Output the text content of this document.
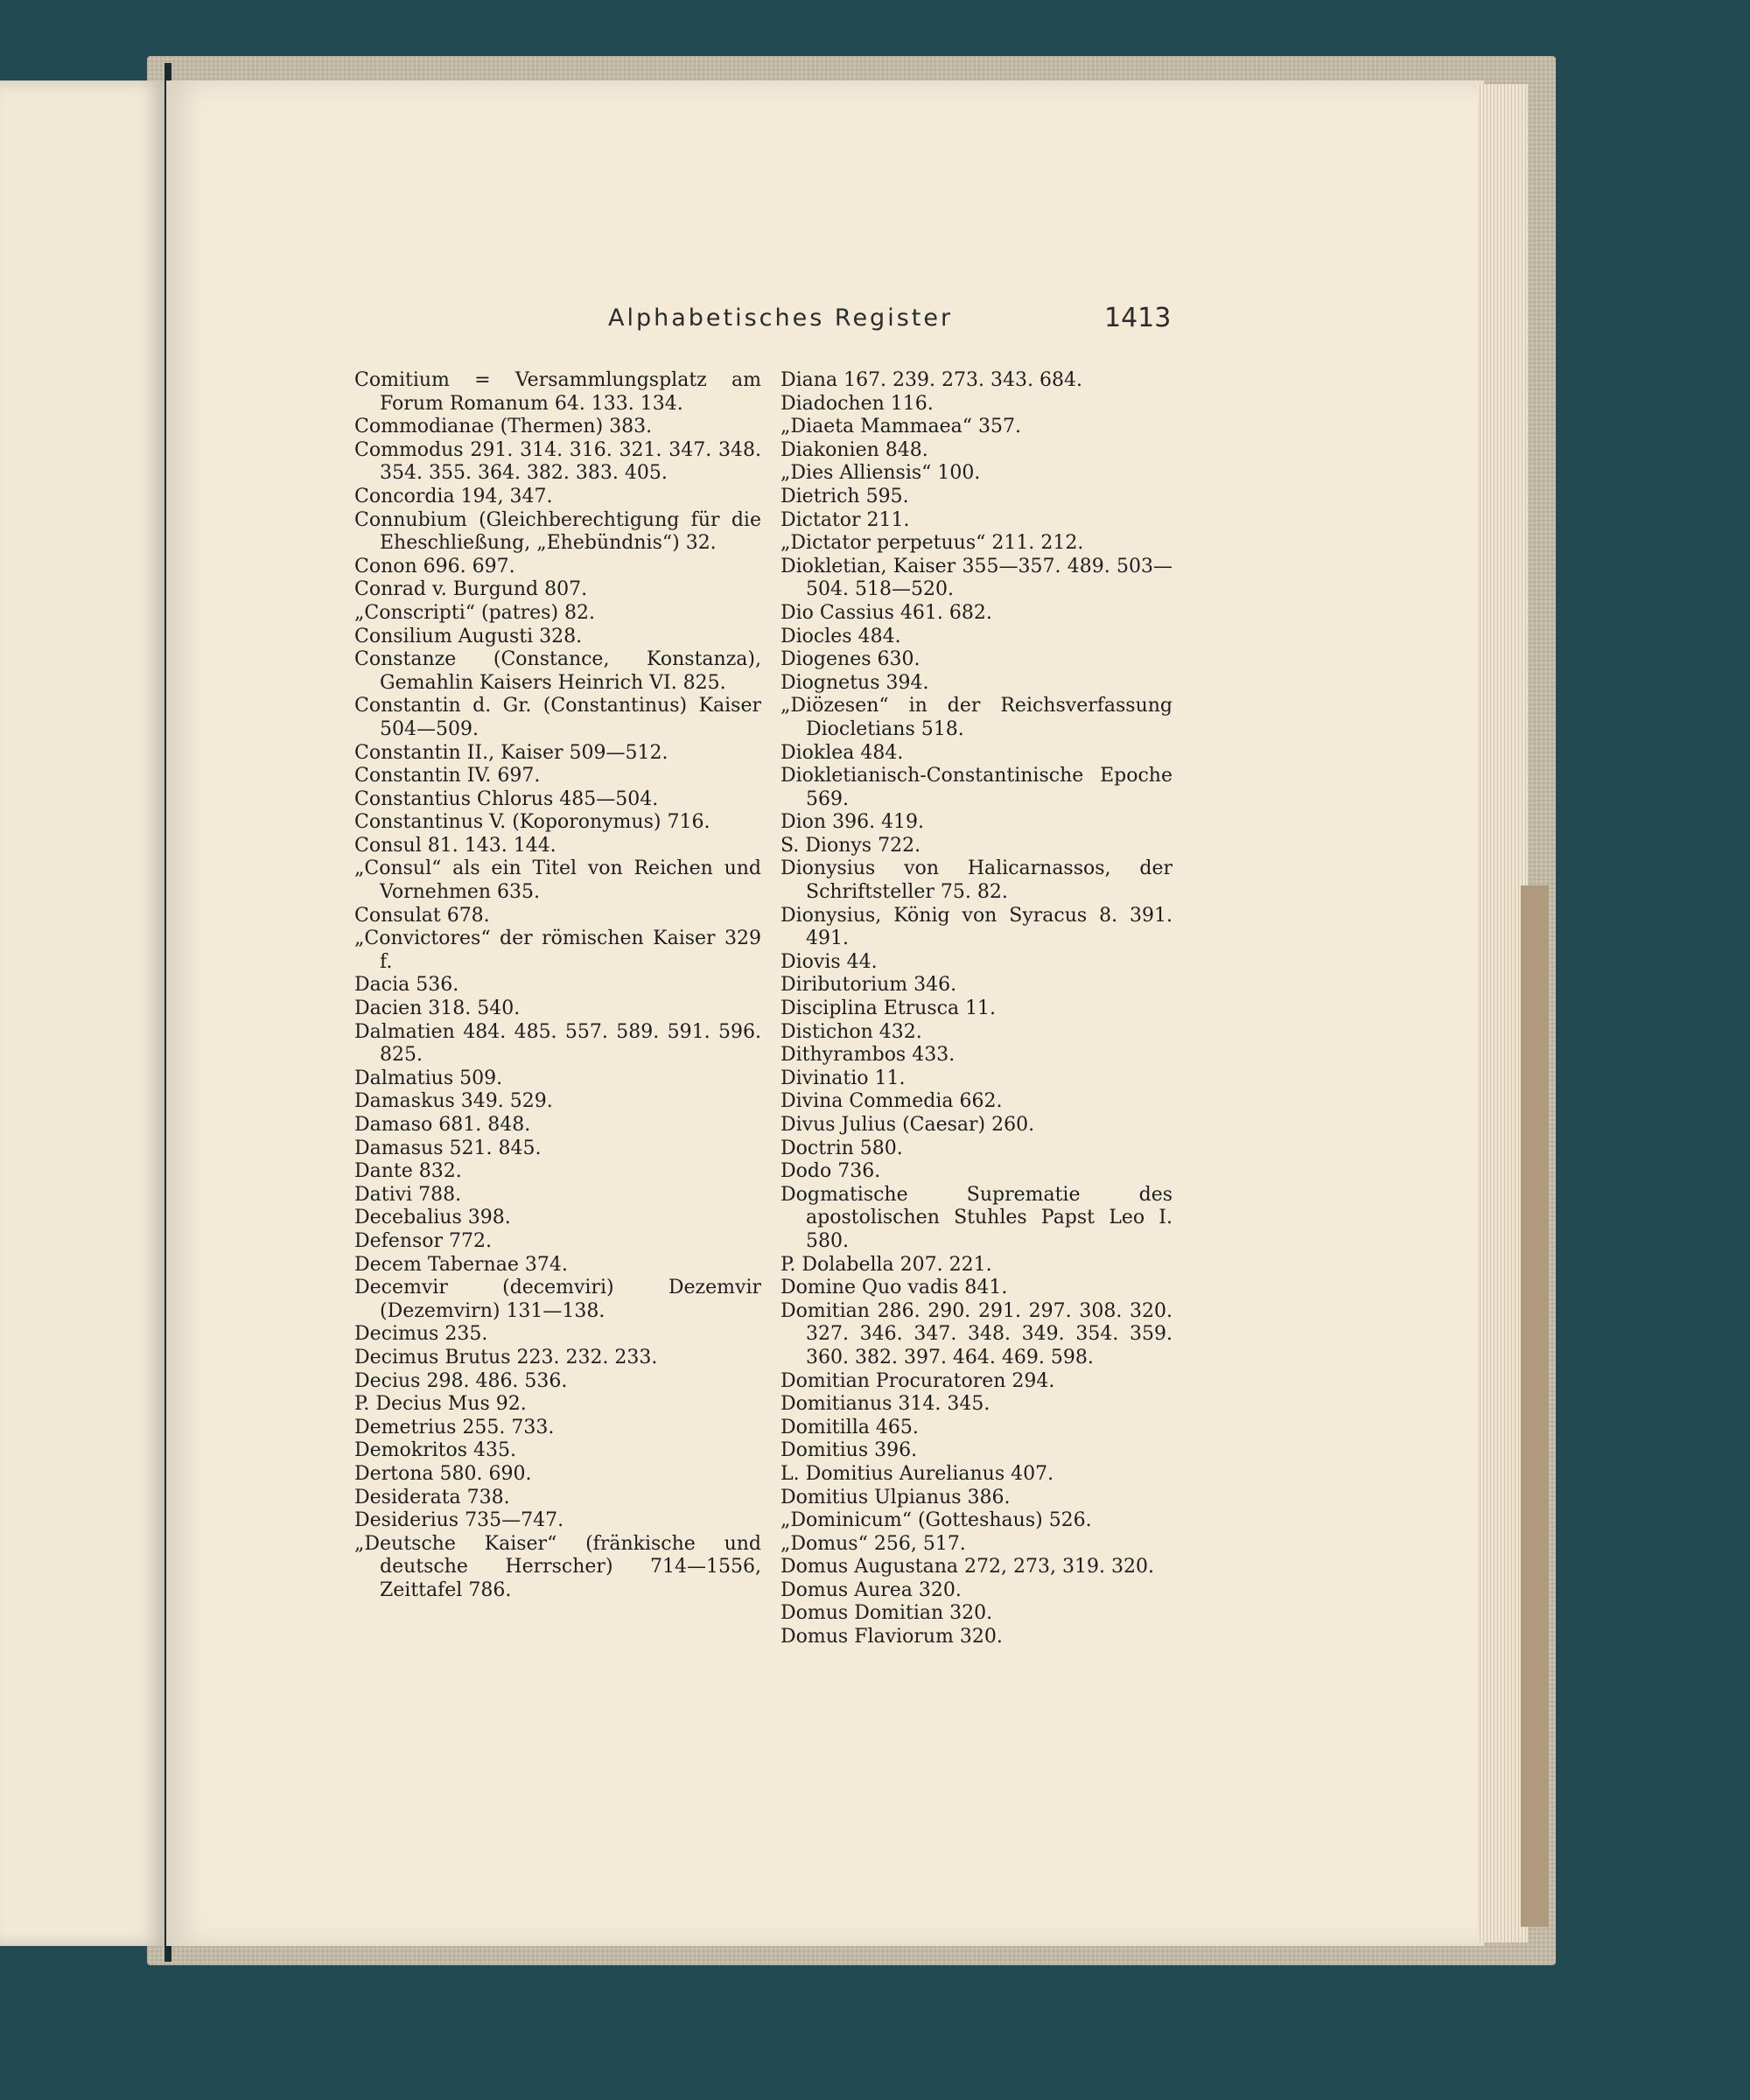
Alphabetisches Register	1413

Comitium = Versammlungsplatz am Forum Romanum 64. 133. 134.

Commodianae (Thermen) 383.

Commodus 291. 314. 316. 321. 347. 348. 354. 355. 364. 382. 383. 405.

Concordia 194, 347.

Connubium (Gleichberechtigung für die Eheschließung, „Ehebündnis“) 32.

Conon 696. 697.

Conrad v. Burgund 807.

„Conscripti“ (patres) 82.

Consilium Augusti 328.

Constanze (Constance, Konstanza), Gemahlin Kaisers Heinrich VI. 825.

Constantin d. Gr. (Constantinus) Kaiser 504—509.

Constantin II., Kaiser 509—512.

Constantin IV. 697.

Constantius Chlorus 485—504.

Constantinus V. (Koporonymus) 716.

Consul 81. 143. 144.

„Consul“ als ein Titel von Reichen und Vornehmen 635.

Consulat 678.

„Convictores“ der römischen Kaiser 329 f.

Dacia 536.

Dacien 318. 540.

Dalmatien 484. 485. 557. 589. 591. 596. 825.

Dalmatius 509.

Damaskus 349. 529.

Damaso 681. 848.

Damasus 521. 845.

Dante 832.

Dativi 788.

Decebalius 398.

Defensor 772.

Decem Tabernae 374.

Decemvir (decemviri) Dezemvir (Dezemvirn) 131—138.

Decimus 235.

Decimus Brutus 223. 232. 233.

Decius 298. 486. 536.

P. Decius Mus 92.

Demetrius 255. 733.

Demokritos 435.

Dertona 580. 690.

Desiderata 738.

Desiderius 735—747.

„Deutsche Kaiser“ (fränkische und deutsche Herrscher) 714—1556, Zeittafel 786.

Diana 167. 239. 273. 343. 684.

Diadochen 116.

„Diaeta Mammaea“ 357.

Diakonien 848.

„Dies Alliensis“ 100.

Dietrich 595.

Dictator 211.

„Dictator perpetuus“ 211. 212.

Diokletian, Kaiser 355—357. 489. 503—504. 518—520.

Dio Cassius 461. 682.

Diocles 484.

Diogenes 630.

Diognetus 394.

„Diözesen“ in der Reichsverfassung Diocletians 518.

Dioklea 484.

Diokletianisch-Constantinische Epoche 569.

Dion 396. 419.

S. Dionys 722.

Dionysius von Halicarnassos, der Schriftsteller 75. 82.

Dionysius, König von Syracus 8. 391. 491.

Diovis 44.

Diributorium 346.

Disciplina Etrusca 11.

Distichon 432.

Dithyrambos 433.

Divinatio 11.

Divina Commedia 662.

Divus Julius (Caesar) 260.

Doctrin 580.

Dodo 736.

Dogmatische Suprematie des apostolischen Stuhles Papst Leo I. 580.

P. Dolabella 207. 221.

Domine Quo vadis 841.

Domitian 286. 290. 291. 297. 308. 320. 327. 346. 347. 348. 349. 354. 359. 360. 382. 397. 464. 469. 598.

Domitian Procuratoren 294.

Domitianus 314. 345.

Domitilla 465.

Domitius 396.

L. Domitius Aurelianus 407.

Domitius Ulpianus 386.

„Dominicum“ (Gotteshaus) 526.

„Domus“ 256, 517.

Domus Augustana 272, 273, 319. 320.

Domus Aurea 320.

Domus Domitian 320.

Domus Flaviorum 320.
